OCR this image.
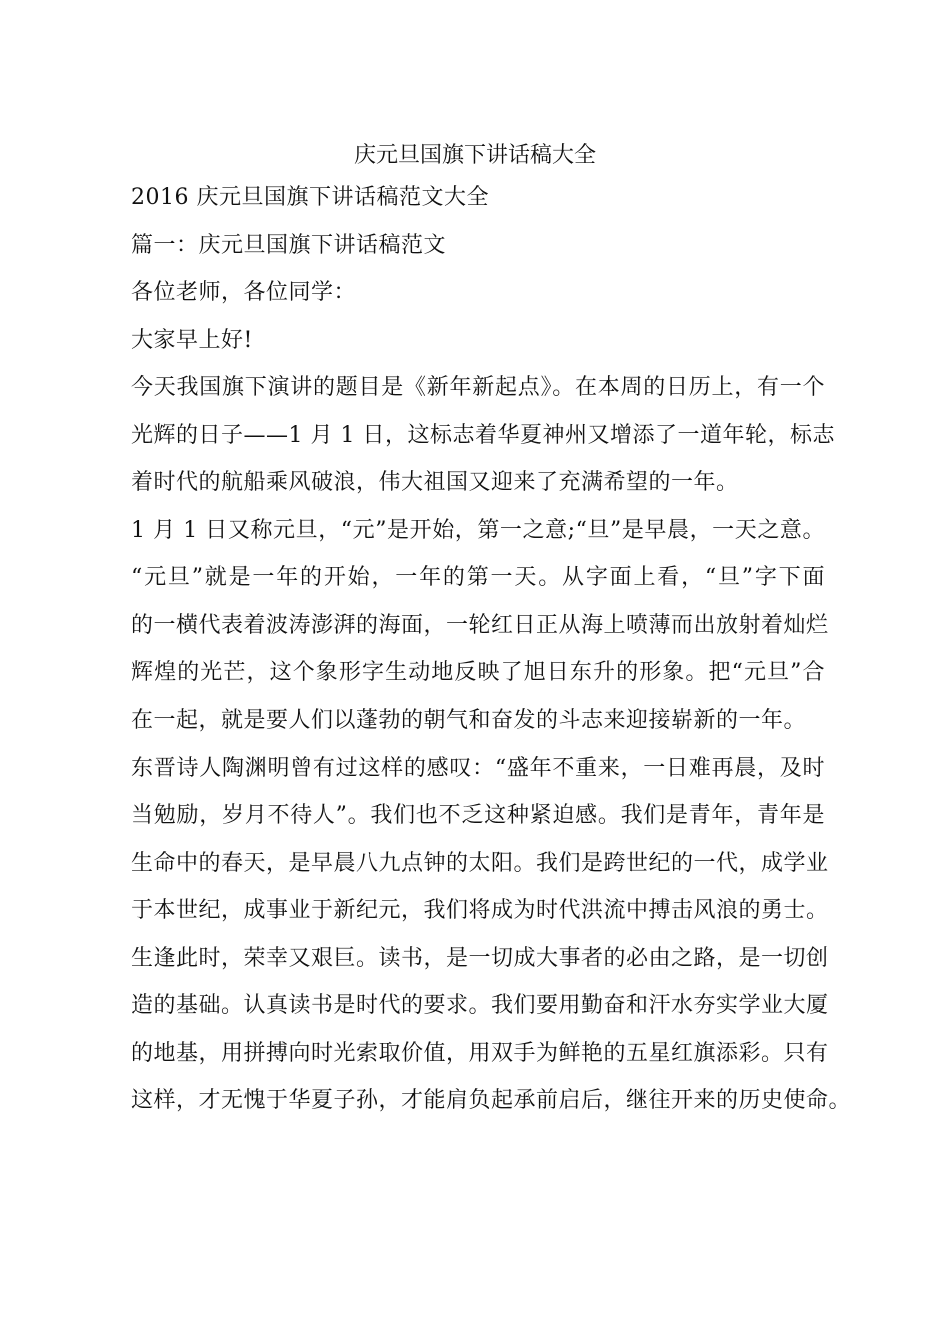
庆元旦国旗下讲话稿大全

2016 庆元旦国旗下讲话稿范文大全

篇一：庆元旦国旗下讲话稿范文

各位老师，各位同学：

大家早上好!

今天我国旗下演讲的题目是《新年新起点》。在本周的日历上，有一个

光辉的日子——1 月 1 日，这标志着华夏神州又增添了一道年轮，标志

着时代的航船乘风破浪，伟大祖国又迎来了充满希望的一年。

1 月 1 日又称元旦，“元”是开始，第一之意;“旦”是早晨，一天之意。

“元旦”就是一年的开始，一年的第一天。从字面上看，“旦”字下面

的一横代表着波涛澎湃的海面，一轮红日正从海上喷薄而出放射着灿烂

辉煌的光芒，这个象形字生动地反映了旭日东升的形象。把“元旦”合

在一起，就是要人们以蓬勃的朝气和奋发的斗志来迎接崭新的一年。

东晋诗人陶渊明曾有过这样的感叹：“盛年不重来，一日难再晨，及时

当勉励，岁月不待人”。我们也不乏这种紧迫感。我们是青年，青年是

生命中的春天，是早晨八九点钟的太阳。我们是跨世纪的一代，成学业

于本世纪，成事业于新纪元，我们将成为时代洪流中搏击风浪的勇士。

生逢此时，荣幸又艰巨。读书，是一切成大事者的必由之路，是一切创

造的基础。认真读书是时代的要求。我们要用勤奋和汗水夯实学业大厦

的地基，用拼搏向时光索取价值，用双手为鲜艳的五星红旗添彩。只有

这样，才无愧于华夏子孙，才能肩负起承前启后，继往开来的历史使命。
